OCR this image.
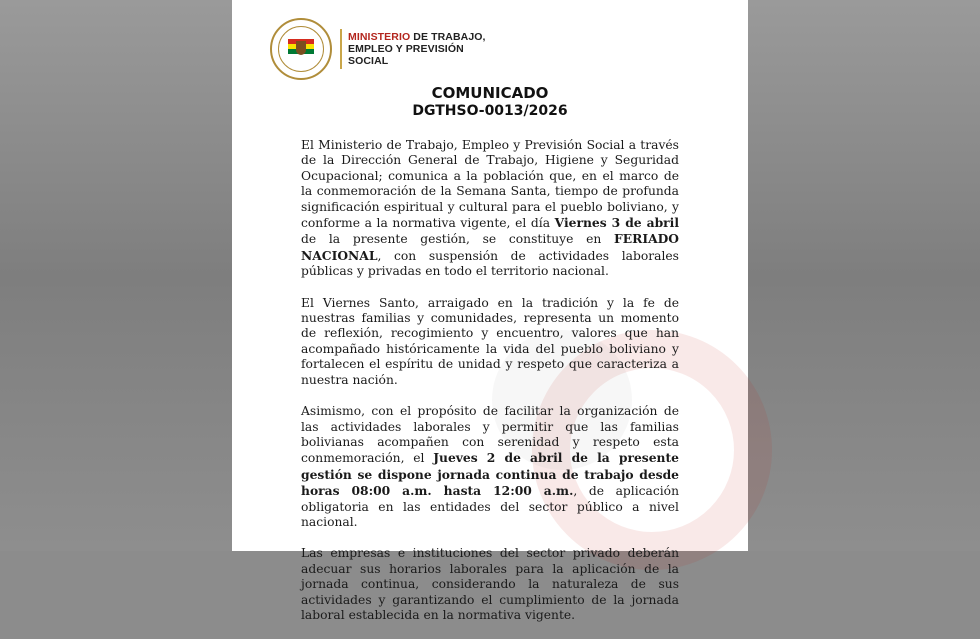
MINISTERIO DE TRABAJO,
EMPLEO Y PREVISIÓN
SOCIAL
COMUNICADO
DGTHSO-0013/2026

El Ministerio de Trabajo, Empleo y Previsión Social a través de la Dirección General de Trabajo, Higiene y Seguridad Ocupacional; comunica a la población que, en el marco de la conmemoración de la Semana Santa, tiempo de profunda significación espiritual y cultural para el pueblo boliviano, y conforme a la normativa vigente, el día Viernes 3 de abril de la presente gestión, se constituye en FERIADO NACIONAL, con suspensión de actividades laborales públicas y privadas en todo el territorio nacional.

El Viernes Santo, arraigado en la tradición y la fe de nuestras familias y comunidades, representa un momento de reflexión, recogimiento y encuentro, valores que han acompañado históricamente la vida del pueblo boliviano y fortalecen el espíritu de unidad y respeto que caracteriza a nuestra nación.

Asimismo, con el propósito de facilitar la organización de las actividades laborales y permitir que las familias bolivianas acompañen con serenidad y respeto esta conmemoración, el Jueves 2 de abril de la presente gestión se dispone jornada continua de trabajo desde horas 08:00 a.m. hasta 12:00 a.m., de aplicación obligatoria en las entidades del sector público a nivel nacional.

Las empresas e instituciones del sector privado deberán adecuar sus horarios laborales para la aplicación de la jornada continua, considerando la naturaleza de sus actividades y garantizando el cumplimiento de la jornada laboral establecida en la normativa vigente.
